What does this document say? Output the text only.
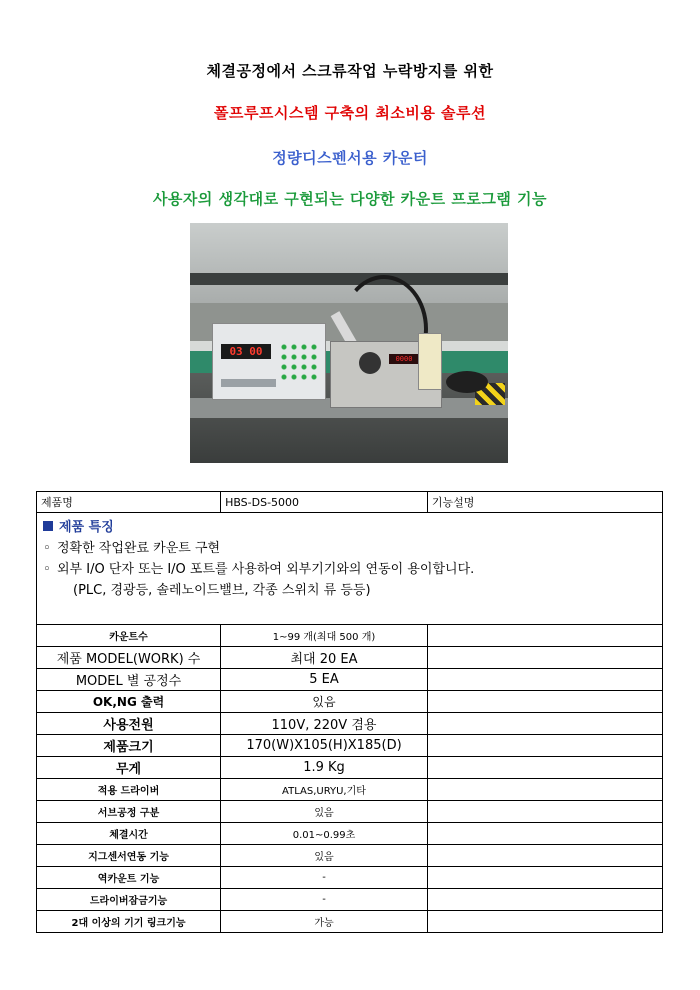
체결공정에서 스크류작업 누락방지를 위한
폴프루프시스템 구축의 최소비용 솔루션
정량디스펜서용 카운터
사용자의 생각대로 구현되는 다양한 카운트 프로그램 기능
03 00
0000
제품명	HBS-DS-5000	기능설명

제품 특징
◦ 정확한 작업완료 카운트 구현
◦ 외부 I/O 단자 또는 I/O 포트를 사용하여 외부기기와의 연동이 용이합니다.
(PLC, 경광등, 솔레노이드밸브, 각종 스위치 류 등등)		

카운트수	1~99 개(최대 500 개)	
제품 MODEL(WORK) 수	최대 20 EA	
MODEL 별 공정수	5 EA	
OK,NG 출력	있음	
사용전원	110V, 220V 겸용	
제품크기	170(W)X105(H)X185(D)	
무게	1.9 Kg	
적용 드라이버	ATLAS,URYU,기타	
서브공정 구분	있음	
체결시간	0.01~0.99초	
지그센서연동 기능	있음	
역카운트 기능	-	
드라이버잠금기능	-	
2대 이상의 기기 링크기능	가능	
